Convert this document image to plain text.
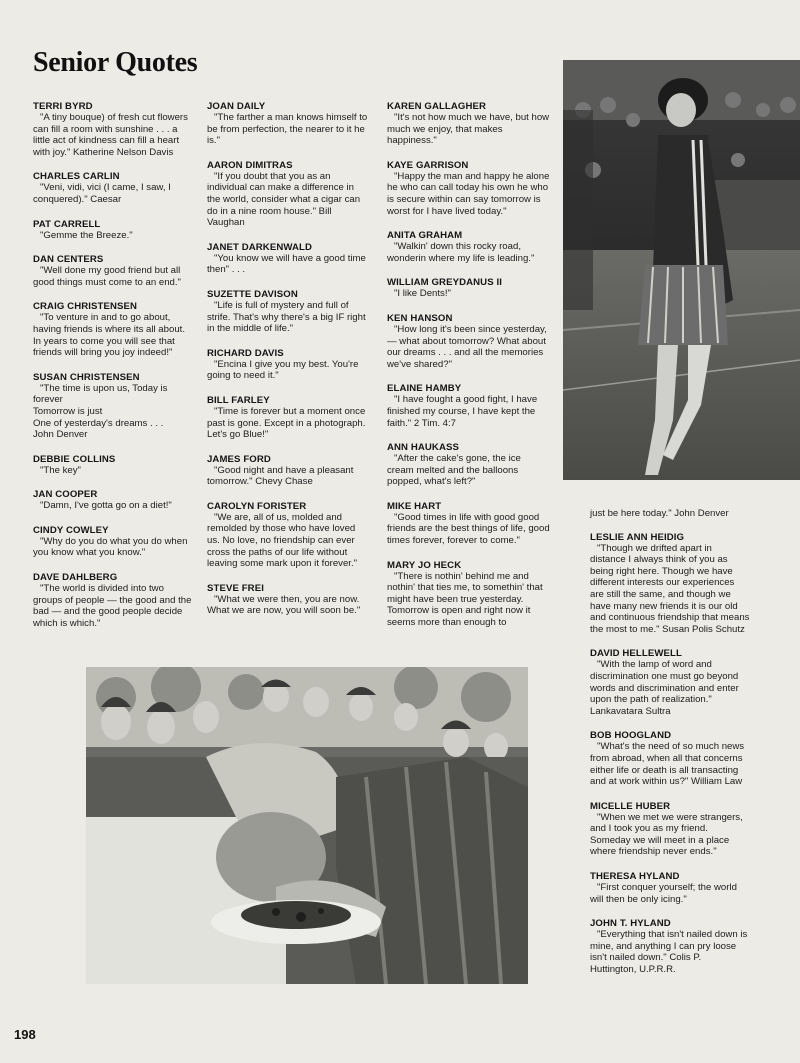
Senior Quotes
TERRI BYRD
"A tiny bouque) of fresh cut flowers can fill a room with sunshine . . . a little act of kindness can fill a heart with joy." Katherine Nelson Davis
CHARLES CARLIN
"Veni, vidi, vici (I came, I saw, I conquered)." Caesar
PAT CARRELL
"Gemme the Breeze."
DAN CENTERS
"Well done my good friend but all good things must come to an end."
CRAIG CHRISTENSEN
"To venture in and to go about, having friends is where its all about. In years to come you will see that friends will bring you joy indeed!"
SUSAN CHRISTENSEN
"The time is upon us, Today is forever
Tomorrow is just
One of yesterday's dreams . . .
John Denver
DEBBIE COLLINS
"The key"
JAN COOPER
"Damn, I've gotta go on a diet!"
CINDY COWLEY
"Why do you do what you do when you know what you know."
DAVE DAHLBERG
"The world is divided into two groups of people — the good and the bad — and the good people decide which is which."
JOAN DAILY
"The farther a man knows himself to be from perfection, the nearer to it he is."
AARON DIMITRAS
"If you doubt that you as an individual can make a difference in the world, consider what a cigar can do in a nine room house." Bill Vaughan
JANET DARKENWALD
"You know we will have a good time then" . . .
SUZETTE DAVISON
"Life is full of mystery and full of strife. That's why there's a big IF right in the middle of life."
RICHARD DAVIS
"Encina I give you my best. You're going to need it."
BILL FARLEY
"Time is forever but a moment once past is gone. Except in a photograph. Let's go Blue!"
JAMES FORD
"Good night and have a pleasant tomorrow." Chevy Chase
CAROLYN FORISTER
"We are, all of us, molded and remolded by those who have loved us. No love, no friendship can ever cross the paths of our life without leaving some mark upon it forever."
STEVE FREI
"What we were then, you are now. What we are now, you will soon be."
KAREN GALLAGHER
"It's not how much we have, but how much we enjoy, that makes happiness."
KAYE GARRISON
"Happy the man and happy he alone he who can call today his own he who is secure within can say tomorrow is worst for I have lived today."
ANITA GRAHAM
"Walkin' down this rocky road, wonderin where my life is leading."
WILLIAM GREYDANUS II
"I like Dents!"
KEN HANSON
"How long it's been since yesterday, — what about tomorrow? What about our dreams . . . and all the memories we've shared?"
ELAINE HAMBY
"I have fought a good fight, I have finished my course, I have kept the faith." 2 Tim. 4:7
ANN HAUKASS
"After the cake's gone, the ice cream melted and the balloons popped, what's left?"
MIKE HART
"Good times in life with good good friends are the best things of life, good times forever, forever to come."
MARY JO HECK
"There is nothin' behind me and nothin' that ties me, to somethin' that might have been true yesterday. Tomorrow is open and right now it seems more than enough to
just be here today." John Denver
LESLIE ANN HEIDIG
"Though we drifted apart in distance I always think of you as being right here. Though we have different interests our experiences are still the same, and though we have many new friends it is our old and continuous friendship that means the most to me." Susan Polis Schutz
DAVID HELLEWELL
"With the lamp of word and discrimination one must go beyond words and discrimination and enter upon the path of realization." Lankavatara Sultra
BOB HOOGLAND
"What's the need of so much news from abroad, when all that concerns either life or death is all transacting and at work within us?" William Law
MICELLE HUBER
"When we met we were strangers, and I took you as my friend. Someday we will meet in a place where friendship never ends."
THERESA HYLAND
"First conquer yourself; the world will then be only icing."
JOHN T. HYLAND
"Everything that isn't nailed down is mine, and anything I can pry loose isn't nailed down." Colis P. Huttington, U.P.R.R.
198
